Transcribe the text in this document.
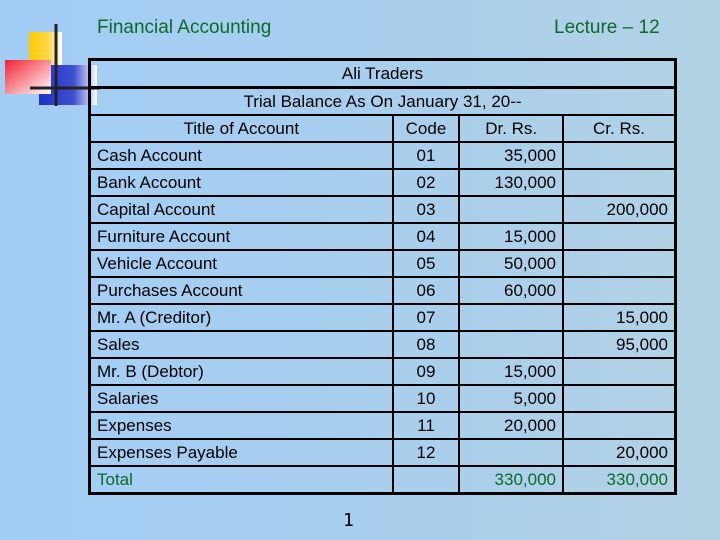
Financial Accounting	Lecture – 12
Ali Traders			
Trial Balance As On January 31, 20--			
Title of Account	Code	Dr. Rs.	Cr. Rs.
Cash Account	01	35,000	
Bank Account	02	130,000	
Capital Account	03		200,000
Furniture Account	04	15,000	
Vehicle Account	05	50,000	
Purchases Account	06	60,000	
Mr. A (Creditor)	07		15,000
Sales	08		95,000
Mr. B (Debtor)	09	15,000	
Salaries	10	5,000	
Expenses	11	20,000	
Expenses Payable	12		20,000
Total		330,000	330,000
1
